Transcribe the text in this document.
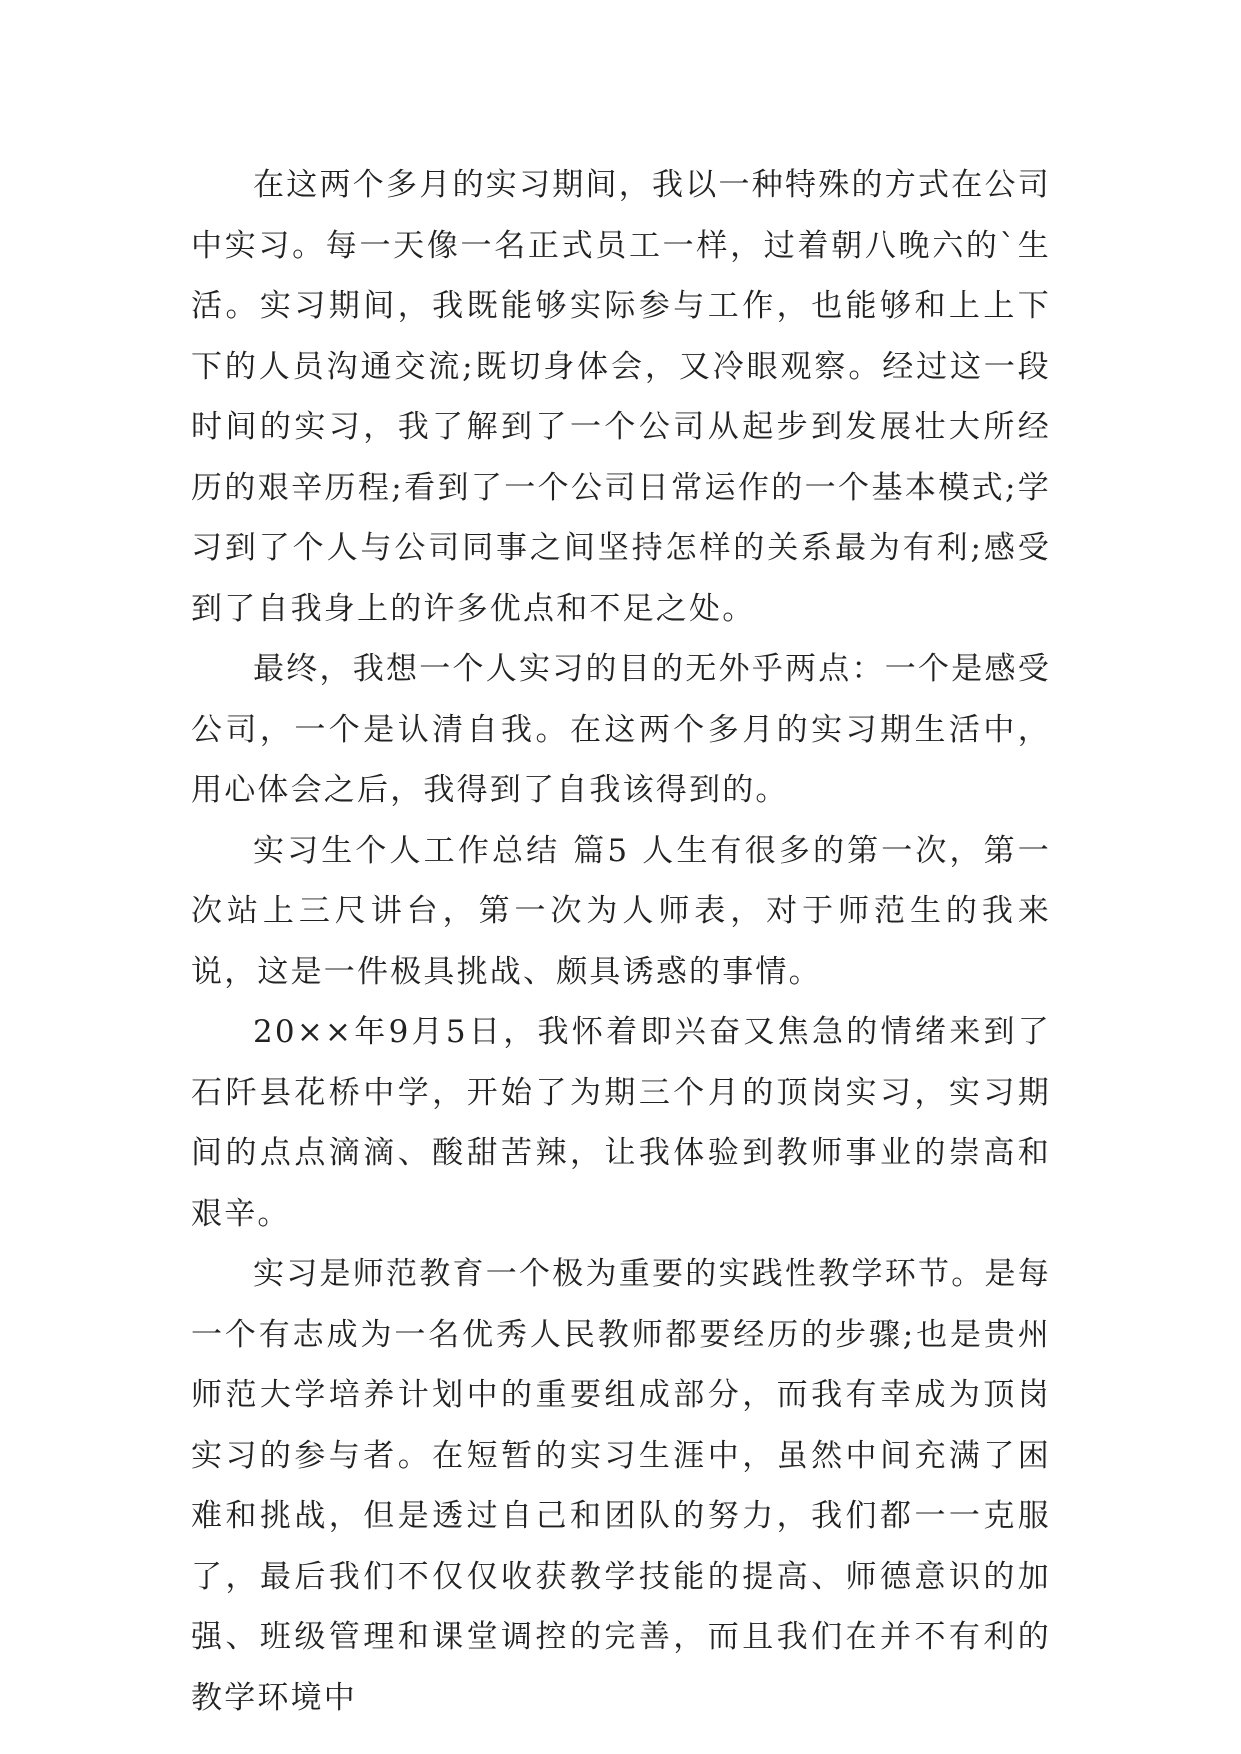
在这两个多月的实习期间，我以一种特殊的方式在公司中实习。每一天像一名正式员工一样，过着朝八晚六的`生活。实习期间，我既能够实际参与工作，也能够和上上下下的人员沟通交流;既切身体会，又冷眼观察。经过这一段时间的实习，我了解到了一个公司从起步到发展壮大所经历的艰辛历程;看到了一个公司日常运作的一个基本模式;学习到了个人与公司同事之间坚持怎样的关系最为有利;感受到了自我身上的许多优点和不足之处。

最终，我想一个人实习的目的无外乎两点：一个是感受公司，一个是认清自我。在这两个多月的实习期生活中，用心体会之后，我得到了自我该得到的。

实习生个人工作总结 篇5 人生有很多的第一次，第一次站上三尺讲台，第一次为人师表，对于师范生的我来说，这是一件极具挑战、颇具诱惑的事情。

20××年9月5日，我怀着即兴奋又焦急的情绪来到了石阡县花桥中学，开始了为期三个月的顶岗实习，实习期间的点点滴滴、酸甜苦辣，让我体验到教师事业的崇高和艰辛。

实习是师范教育一个极为重要的实践性教学环节。是每一个有志成为一名优秀人民教师都要经历的步骤;也是贵州师范大学培养计划中的重要组成部分，而我有幸成为顶岗实习的参与者。在短暂的实习生涯中，虽然中间充满了困难和挑战，但是透过自己和团队的努力，我们都一一克服了，最后我们不仅仅收获教学技能的提高、师德意识的加强、班级管理和课堂调控的完善，而且我们在并不有利的教学环境中
